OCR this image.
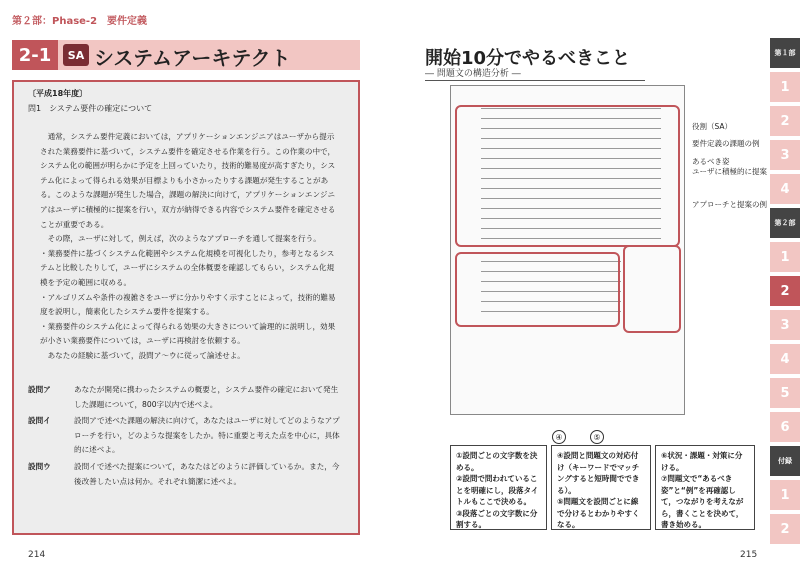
第２部：Phase-2　要件定義
2-1	SA システムアーキテクト
〔平成18年度〕
問1　システム要件の確定について

　通常，システム要件定義においては，アプリケーションエンジニアはユーザから提示された業務要件に基づいて，システム要件を確定させる作業を行う。この作業の中で，システム化の範囲が明らかに予定を上回っていたり，技術的難易度が高すぎたり，システム化によって得られる効果が目標よりも小さかったりする課題が発生することがある。このような課題が発生した場合，課題の解決に向けて，アプリケーションエンジニアはユーザに積極的に提案を行い，双方が納得できる内容でシステム要件を確定させることが重要である。

　その際，ユーザに対して，例えば，次のようなアプローチを通して提案を行う。

・業務要件に基づくシステム化範囲やシステム化規模を可視化したり，参考となるシステムと比較したりして，ユーザにシステムの全体概要を確認してもらい，システム化規模を予定の範囲に収める。

・アルゴリズムや条件の複雑さをユーザに分かりやすく示すことによって，技術的難易度を説明し，簡素化したシステム要件を提案する。

・業務要件のシステム化によって得られる効果の大きさについて論理的に説明し，効果が小さい業務要件については，ユーザに再検討を依頼する。

　あなたの経験に基づいて，設問ア〜ウに従って論述せよ。

設問ア	あなたが開発に携わったシステムの概要と，システム要件の確定において発生した課題について，800字以内で述べよ。
設問イ	設問アで述べた課題の解決に向けて，あなたはユーザに対してどのようなアプローチを行い，どのような提案をしたか。特に重要と考えた点を中心に，具体的に述べよ。
設問ウ	設問イで述べた提案について，あなたはどのように評価しているか。また，今後改善したい点は何か。それぞれ簡潔に述べよ。
214
開始10分でやるべきこと
― 問題文の構造分析 ―
役割（SA）
要件定義の課題の例
あるべき姿
ユーザに積極的に提案
アプローチと提案の例
④	⑤
①設問ごとの文字数を決める。
②設問で問われていることを明確にし，段落タイトルもここで決める。
③段落ごとの文字数に分割する。
④設問と問題文の対応付け（キーワードでマッチングすると短時間でできる）。
⑤問題文を設問ごとに線で分けるとわかりやすくなる。
⑥状況・課題・対策に分ける。
⑦問題文で“あるべき姿”と“例”を再確認して，つながりを考えながら，書くことを決めて，書き始める。
215
第１部
1
2
3
4
第２部
1
2
3
4
5
6
付録
1
2
